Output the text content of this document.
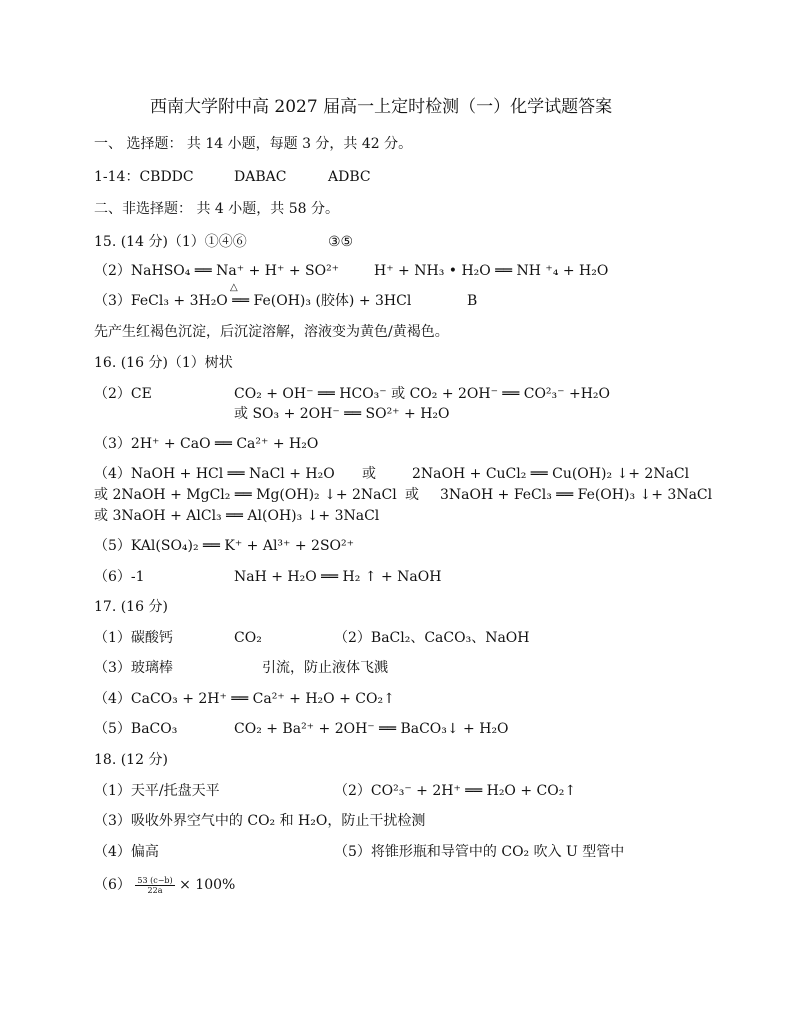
西南大学附中高 2027 届高一上定时检测（一）化学试题答案
一、 选择题： 共 14 小题，每题 3 分，共 42 分。
1-14：CBDDC	DABAC	ADBC
二、非选择题： 共 4 小题，共 58 分。
15. (14 分)（1）①④⑥	③⑤
（2）NaHSO₄ ══ Na⁺ + H⁺ + SO²⁺ H⁺ + NH₃ • H₂O ══ NH ⁺₄ + H₂O
△
（3）FeCl₃ + 3H₂O ══ Fe(OH)₃ (胶体) + 3HCl	B
先产生红褐色沉淀，后沉淀溶解，溶液变为黄色/黄褐色。
16. (16 分)（1）树状
（2）CE	CO₂ + OH⁻ ══ HCO₃⁻ 或 CO₂ + 2OH⁻ ══ CO²₃⁻ +H₂O
或 SO₃ + 2OH⁻ ══ SO²⁺ + H₂O
（3）2H⁺ + CaO ══ Ca²⁺ + H₂O
（4）NaOH + HCl ══ NaCl + H₂O 或	2NaOH + CuCl₂ ══ Cu(OH)₂ ↓+ 2NaCl
或 2NaOH + MgCl₂ ══ Mg(OH)₂ ↓+ 2NaCl 或 3NaOH + FeCl₃ ══ Fe(OH)₃ ↓+ 3NaCl
或 3NaOH + AlCl₃ ══ Al(OH)₃ ↓+ 3NaCl
（5）KAl(SO₄)₂ ══ K⁺ + Al³⁺ + 2SO²⁺
（6）-1	NaH + H₂O ══ H₂ ↑ + NaOH
17. (16 分)
（1）碳酸钙	CO₂	（2）BaCl₂、CaCO₃、NaOH
（3）玻璃棒	引流，防止液体飞溅
（4）CaCO₃ + 2H⁺ ══ Ca²⁺ + H₂O + CO₂↑
（5）BaCO₃	CO₂ + Ba²⁺ + 2OH⁻ ══ BaCO₃↓ + H₂O
18. (12 分)
（1）天平/托盘天平	（2）CO²₃⁻ + 2H⁺ ══ H₂O + CO₂↑
（3）吸收外界空气中的 CO₂ 和 H₂O，防止干扰检测
（4）偏高	（5）将锥形瓶和导管中的 CO₂ 吹入 U 型管中
$(6) \frac{53 (c-b)}{22a} \times 100\%$
